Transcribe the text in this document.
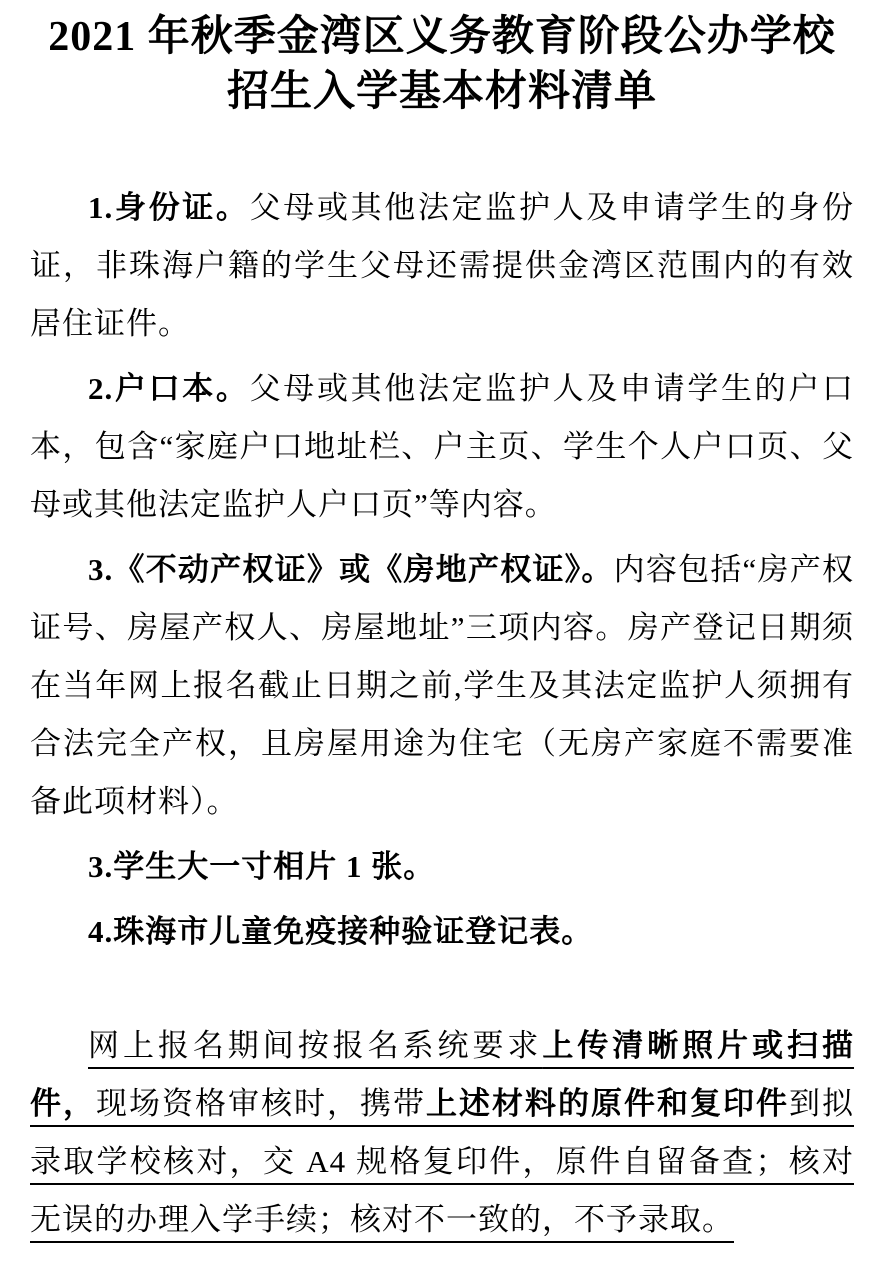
2021 年秋季金湾区义务教育阶段公办学校
招生入学基本材料清单

1.身份证。父母或其他法定监护人及申请学生的身份证，非珠海户籍的学生父母还需提供金湾区范围内的有效居住证件。

2.户口本。父母或其他法定监护人及申请学生的户口本，包含“家庭户口地址栏、户主页、学生个人户口页、父母或其他法定监护人户口页”等内容。

3.《不动产权证》或《房地产权证》。内容包括“房产权证号、房屋产权人、房屋地址”三项内容。房产登记日期须在当年网上报名截止日期之前,学生及其法定监护人须拥有合法完全产权，且房屋用途为住宅（无房产家庭不需要准备此项材料）。

3.学生大一寸相片 1 张。

4.珠海市儿童免疫接种验证登记表。

网上报名期间按报名系统要求上传清晰照片或扫描件，现场资格审核时，携带上述材料的原件和复印件到拟录取学校核对，交 A4 规格复印件，原件自留备查；核对无误的办理入学手续；核对不一致的，不予录取。
